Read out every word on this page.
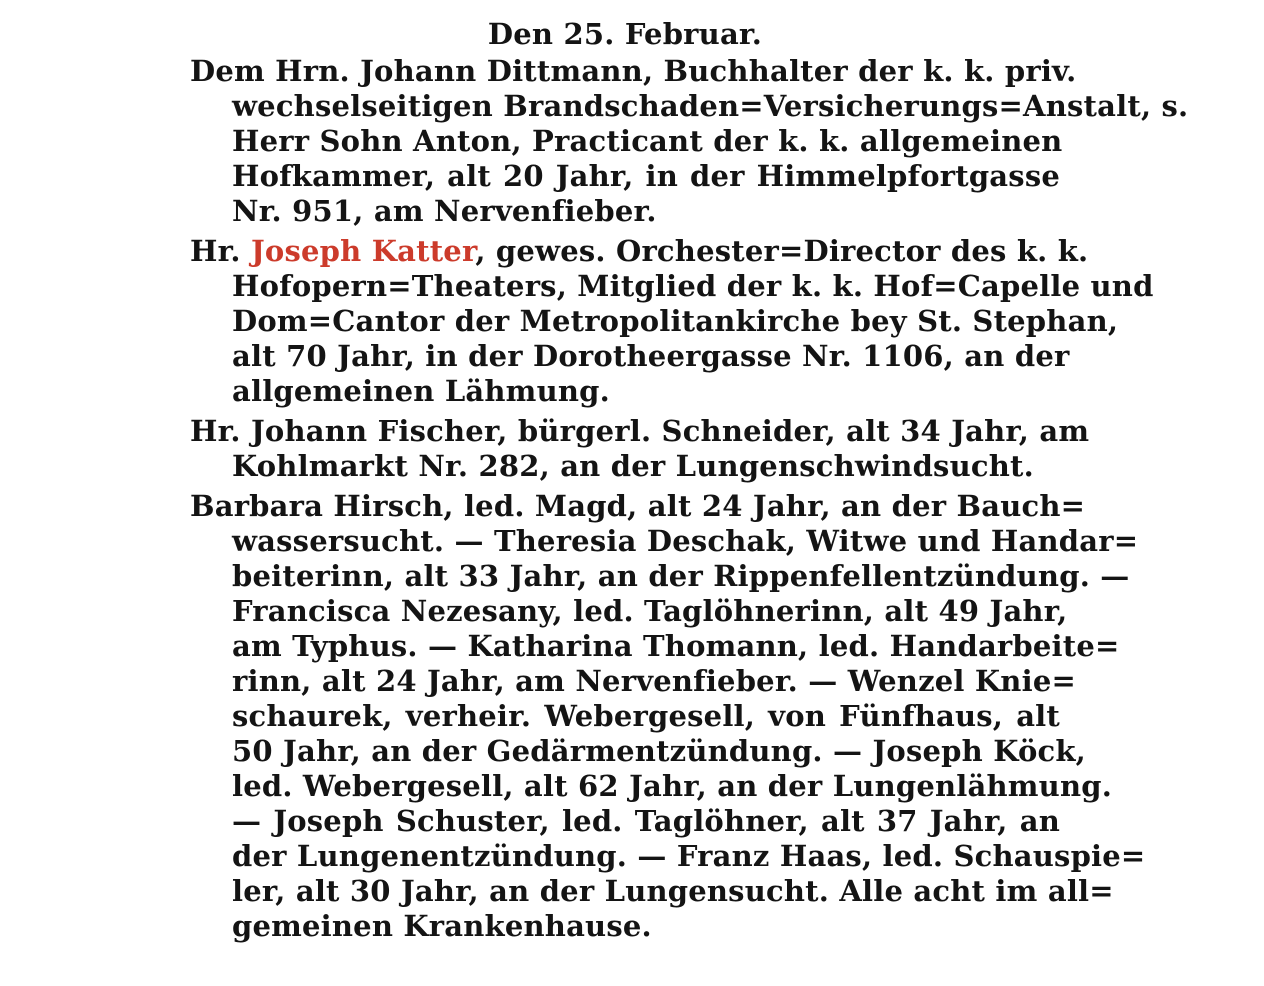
Den 25. Februar.
Dem Hrn. Johann Dittmann, Buchhalter der k. k. priv.
wechselseitigen Brandschaden=Versicherungs=Anstalt, s.
Herr Sohn Anton, Practicant der k. k. allgemeinen
Hofkammer, alt 20 Jahr, in der Himmelpfortgasse
Nr. 951, am Nervenfieber.
Hr. Joseph Katter, gewes. Orchester=Director des k. k.
Hofopern=Theaters, Mitglied der k. k. Hof=Capelle und
Dom=Cantor der Metropolitankirche bey St. Stephan,
alt 70 Jahr, in der Dorotheergasse Nr. 1106, an der
allgemeinen Lähmung.
Hr. Johann Fischer, bürgerl. Schneider, alt 34 Jahr, am
Kohlmarkt Nr. 282, an der Lungenschwindsucht.
Barbara Hirsch, led. Magd, alt 24 Jahr, an der Bauch=
wassersucht. — Theresia Deschak, Witwe und Handar=
beiterinn, alt 33 Jahr, an der Rippenfellentzündung. —
Francisca Nezesany, led. Taglöhnerinn, alt 49 Jahr,
am Typhus. — Katharina Thomann, led. Handarbeite=
rinn, alt 24 Jahr, am Nervenfieber. — Wenzel Knie=
schaurek, verheir. Webergesell, von Fünfhaus, alt
50 Jahr, an der Gedärmentzündung. — Joseph Köck,
led. Webergesell, alt 62 Jahr, an der Lungenlähmung.
— Joseph Schuster, led. Taglöhner, alt 37 Jahr, an
der Lungenentzündung. — Franz Haas, led. Schauspie=
ler, alt 30 Jahr, an der Lungensucht. Alle acht im all=
gemeinen Krankenhause.
